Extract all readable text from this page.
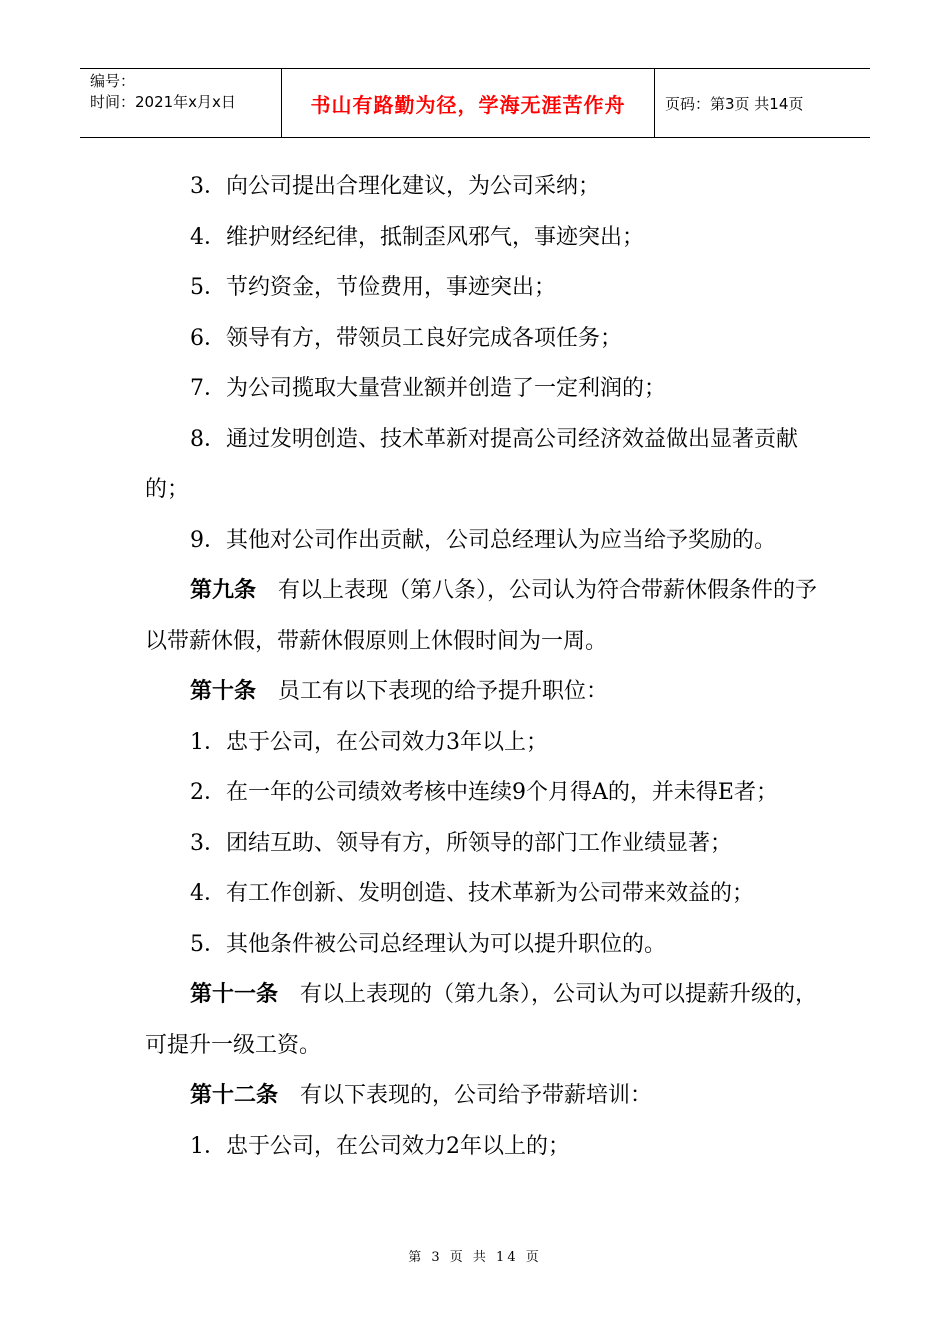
编号：
时间：2021年x月x日	书山有路勤为径，学海无涯苦作舟	页码：第3页 共14页

3．向公司提出合理化建议，为公司采纳；

4．维护财经纪律，抵制歪风邪气，事迹突出；

5．节约资金，节俭费用，事迹突出；

6．领导有方，带领员工良好完成各项任务；

7．为公司揽取大量营业额并创造了一定利润的；

8．通过发明创造、技术革新对提高公司经济效益做出显著贡献的；

9．其他对公司作出贡献，公司总经理认为应当给予奖励的。

第九条 有以上表现（第八条），公司认为符合带薪休假条件的予以带薪休假，带薪休假原则上休假时间为一周。

第十条 员工有以下表现的给予提升职位：

1．忠于公司，在公司效力3年以上；

2．在一年的公司绩效考核中连续9个月得A的，并未得E者；

3．团结互助、领导有方，所领导的部门工作业绩显著；

4．有工作创新、发明创造、技术革新为公司带来效益的；

5．其他条件被公司总经理认为可以提升职位的。

第十一条 有以上表现的（第九条），公司认为可以提薪升级的，可提升一级工资。

第十二条 有以下表现的，公司给予带薪培训：

1．忠于公司，在公司效力2年以上的；

第 3 页 共 14 页
